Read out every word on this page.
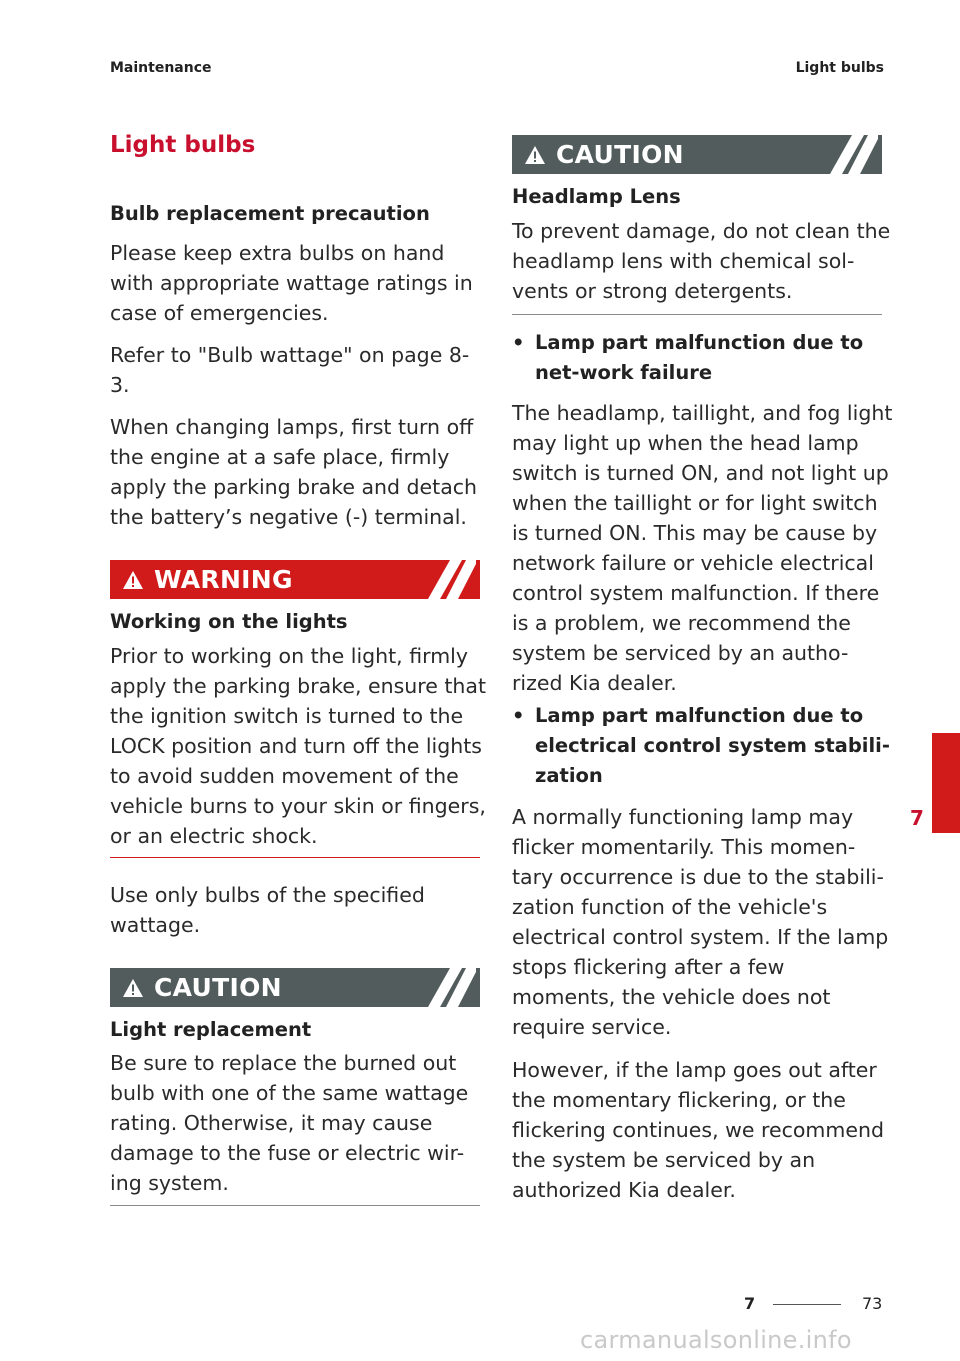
Maintenance	Light bulbs
Light bulbs
Bulb replacement precaution

Please keep extra bulbs on hand
with appropriate wattage ratings in
case of emergencies.

Refer to "Bulb wattage" on page 8-
3.

When changing lamps, first turn off
the engine at a safe place, firmly
apply the parking brake and detach
the battery’s negative (-) terminal.

WARNING
Working on the lights

Prior to working on the light, firmly
apply the parking brake, ensure that
the ignition switch is turned to the
LOCK position and turn off the lights
to avoid sudden movement of the
vehicle burns to your skin or fingers,
or an electric shock.

Use only bulbs of the specified
wattage.

CAUTION
Light replacement

Be sure to replace the burned out
bulb with one of the same wattage
rating. Otherwise, it may cause
damage to the fuse or electric wir-
ing system.

CAUTION
Headlamp Lens

To prevent damage, do not clean the
headlamp lens with chemical sol-
vents or strong detergents.

• Lamp part malfunction due to
net-work failure

The headlamp, taillight, and fog light
may light up when the head lamp
switch is turned ON, and not light up
when the taillight or for light switch
is turned ON. This may be cause by
network failure or vehicle electrical
control system malfunction. If there
is a problem, we recommend the
system be serviced by an autho-
rized Kia dealer.

• Lamp part malfunction due to
electrical control system stabili-
zation

A normally functioning lamp may
flicker momentarily. This momen-
tary occurrence is due to the stabili-
zation function of the vehicle's
electrical control system. If the lamp
stops flickering after a few
moments, the vehicle does not
require service.

However, if the lamp goes out after
the momentary flickering, or the
flickering continues, we recommend
the system be serviced by an
authorized Kia dealer.

7
7	73
carmanualsonline.info
